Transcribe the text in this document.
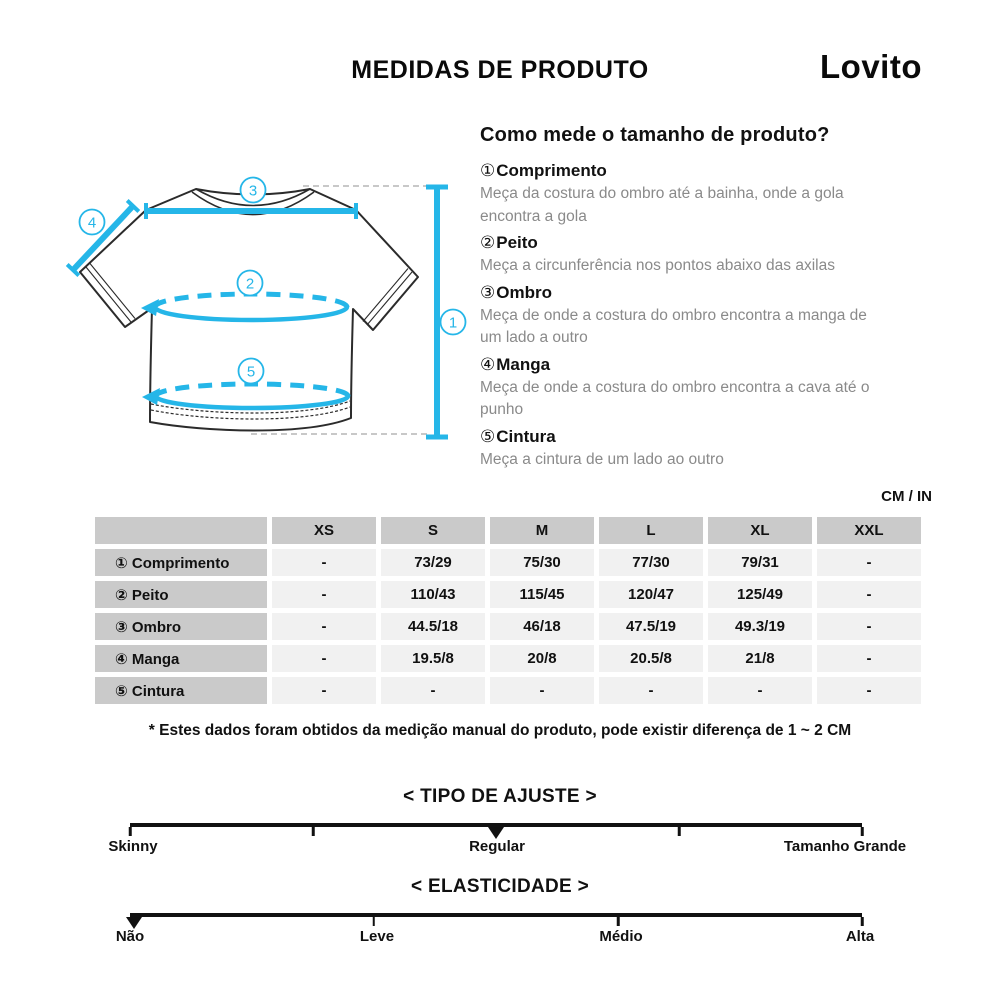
MEDIDAS DE PRODUTO	Lovito
1
2
3
4
5
Como mede o tamanho de produto?
①Comprimento

Meça da costura do ombro até a bainha, onde a gola encontra a gola

②Peito

Meça a circunferência nos pontos abaixo das axilas

③Ombro

Meça de onde a costura do ombro encontra a manga de um lado a outro

④Manga

Meça de onde a costura do ombro encontra a cava até o punho

⑤Cintura

Meça a cintura de um lado ao outro

CM / IN
	XS	S	M	L	XL	XXL
① Comprimento	-	73/29	75/30	77/30	79/31	-
② Peito	-	110/43	115/45	120/47	125/49	-
③ Ombro	-	44.5/18	46/18	47.5/19	49.3/19	-
④ Manga	-	19.5/8	20/8	20.5/8	21/8	-
⑤ Cintura	-	-	-	-	-	-
* Estes dados foram obtidos da medição manual do produto, pode existir diferença de 1 ~ 2 CM
< TIPO DE AJUSTE >
Skinny	Regular	Tamanho Grande
< ELASTICIDADE >
Não	Leve	Médio	Alta
